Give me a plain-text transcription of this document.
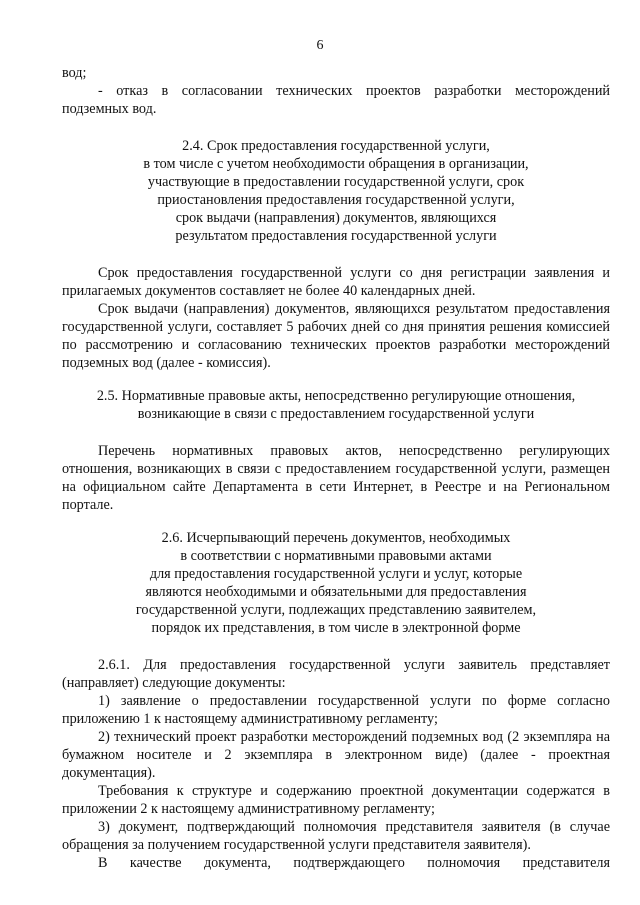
6

вод;

- отказ в согласовании технических проектов разработки месторождений подземных вод.

2.4. Срок предоставления государственной услуги,

в том числе с учетом необходимости обращения в организации,

участвующие в предоставлении государственной услуги, срок

приостановления предоставления государственной услуги,

срок выдачи (направления) документов, являющихся

результатом предоставления государственной услуги

Срок предоставления государственной услуги со дня регистрации заявления и прилагаемых документов составляет не более 40 календарных дней.

Срок выдачи (направления) документов, являющихся результатом предоставления государственной услуги, составляет 5 рабочих дней со дня принятия решения комиссией по рассмотрению и согласованию технических проектов разработки месторождений подземных вод (далее - комиссия).

2.5. Нормативные правовые акты, непосредственно регулирующие отношения,

возникающие в связи с предоставлением государственной услуги

Перечень нормативных правовых актов, непосредственно регулирующих отношения, возникающих в связи с предоставлением государственной услуги, размещен на официальном сайте Департамента в сети Интернет, в Реестре и на Региональном портале.

2.6. Исчерпывающий перечень документов, необходимых

в соответствии с нормативными правовыми актами

для предоставления государственной услуги и услуг, которые

являются необходимыми и обязательными для предоставления

государственной услуги, подлежащих представлению заявителем,

порядок их представления, в том числе в электронной форме

2.6.1. Для предоставления государственной услуги заявитель представляет (направляет) следующие документы:

1) заявление о предоставлении государственной услуги по форме согласно приложению 1 к настоящему административному регламенту;

2) технический проект разработки месторождений подземных вод (2 экземпляра на бумажном носителе и 2 экземпляра в электронном виде) (далее - проектная документация).

Требования к структуре и содержанию проектной документации содержатся в приложении 2 к настоящему административному регламенту;

3) документ, подтверждающий полномочия представителя заявителя (в случае обращения за получением государственной услуги представителя заявителя).

В качестве документа, подтверждающего полномочия представителя
